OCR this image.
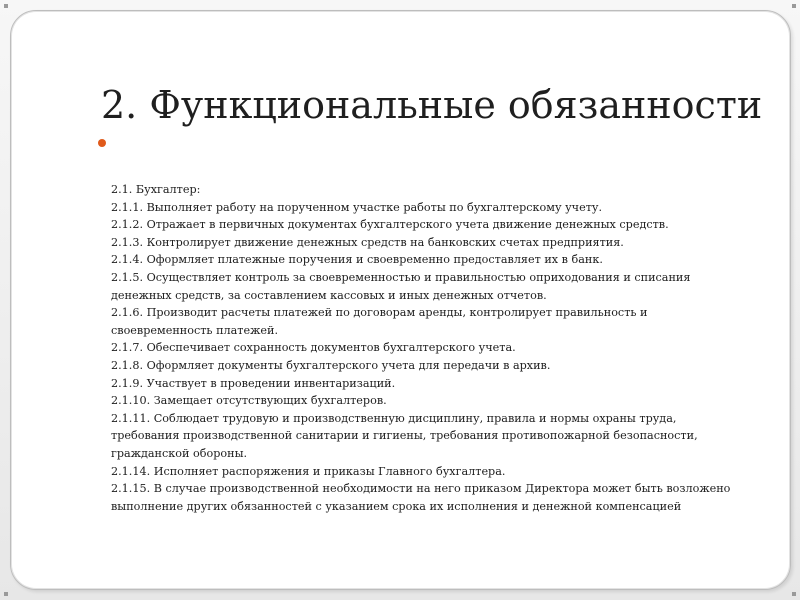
2. Функциональные обязанности
2.1. Бухгалтер:
2.1.1. Выполняет работу на порученном участке работы по бухгалтерскому учету.
2.1.2. Отражает в первичных документах бухгалтерского учета движение денежных средств.
2.1.3. Контролирует движение денежных средств на банковских счетах предприятия.
2.1.4. Оформляет платежные поручения и своевременно предоставляет их в банк.
2.1.5. Осуществляет контроль за своевременностью и правильностью оприходования и списания
денежных средств, за составлением кассовых и иных денежных отчетов.
2.1.6. Производит расчеты платежей по договорам аренды, контролирует правильность и
своевременность платежей.
2.1.7. Обеспечивает сохранность документов бухгалтерского учета.
2.1.8. Оформляет документы бухгалтерского учета для передачи в архив.
2.1.9. Участвует в проведении инвентаризаций.
2.1.10. Замещает отсутствующих бухгалтеров.
2.1.11. Соблюдает трудовую и производственную дисциплину, правила и нормы охраны труда,
требования производственной санитарии и гигиены, требования противопожарной безопасности,
гражданской обороны.
2.1.14. Исполняет распоряжения и приказы Главного бухгалтера.
2.1.15. В случае производственной необходимости на него приказом Директора может быть возложено
выполнение других обязанностей с указанием срока их исполнения и денежной компенсацией
